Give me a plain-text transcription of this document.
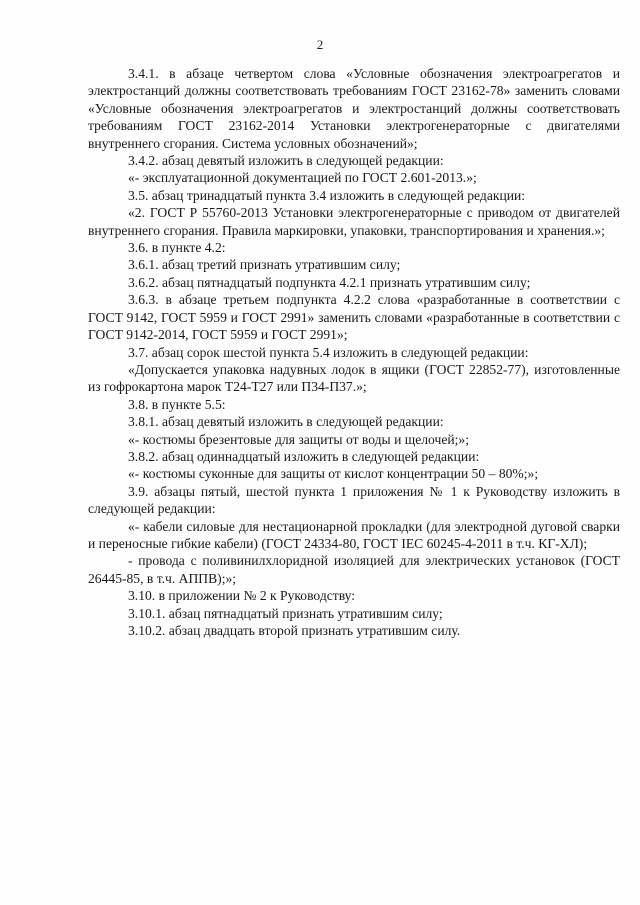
2

3.4.1. в абзаце четвертом слова «Условные обозначения электроагрегатов и электростанций должны соответствовать требованиям ГОСТ 23162-78» заменить словами «Условные обозначения электроагрегатов и электростанций должны соответствовать требованиям ГОСТ 23162-2014 Установки электрогенераторные с двигателями внутреннего сгорания. Система условных обозначений»;

3.4.2. абзац девятый изложить в следующей редакции:

«- эксплуатационной документацией по ГОСТ 2.601-2013.»;

3.5. абзац тринадцатый пункта 3.4 изложить в следующей редакции:

«2. ГОСТ Р 55760-2013 Установки электрогенераторные с приводом от двигателей внутреннего сгорания. Правила маркировки, упаковки, транспортирования и хранения.»;

3.6. в пункте 4.2:

3.6.1. абзац третий признать утратившим силу;

3.6.2. абзац пятнадцатый подпункта 4.2.1 признать утратившим силу;

3.6.3. в абзаце третьем подпункта 4.2.2 слова «разработанные в соответствии с ГОСТ 9142, ГОСТ 5959 и ГОСТ 2991» заменить словами «разработанные в соответствии с ГОСТ 9142-2014, ГОСТ 5959 и ГОСТ 2991»;

3.7. абзац сорок шестой пункта 5.4 изложить в следующей редакции:

«Допускается упаковка надувных лодок в ящики (ГОСТ 22852-77), изготовленные из гофрокартона марок Т24-Т27 или П34-П37.»;

3.8. в пункте 5.5:

3.8.1. абзац девятый изложить в следующей редакции:

«- костюмы брезентовые для защиты от воды и щелочей;»;

3.8.2. абзац одиннадцатый изложить в следующей редакции:

«- костюмы суконные для защиты от кислот концентрации 50 – 80%;»;

3.9. абзацы пятый, шестой пункта 1 приложения № 1 к Руководству изложить в следующей редакции:

«- кабели силовые для нестационарной прокладки (для электродной дуговой сварки и переносные гибкие кабели) (ГОСТ 24334-80, ГОСТ IEC 60245-4-2011 в т.ч. КГ-ХЛ);

- провода с поливинилхлоридной изоляцией для электрических установок (ГОСТ 26445-85, в т.ч. АППВ);»;

3.10. в приложении № 2 к Руководству:

3.10.1. абзац пятнадцатый признать утратившим силу;

3.10.2. абзац двадцать второй признать утратившим силу.
